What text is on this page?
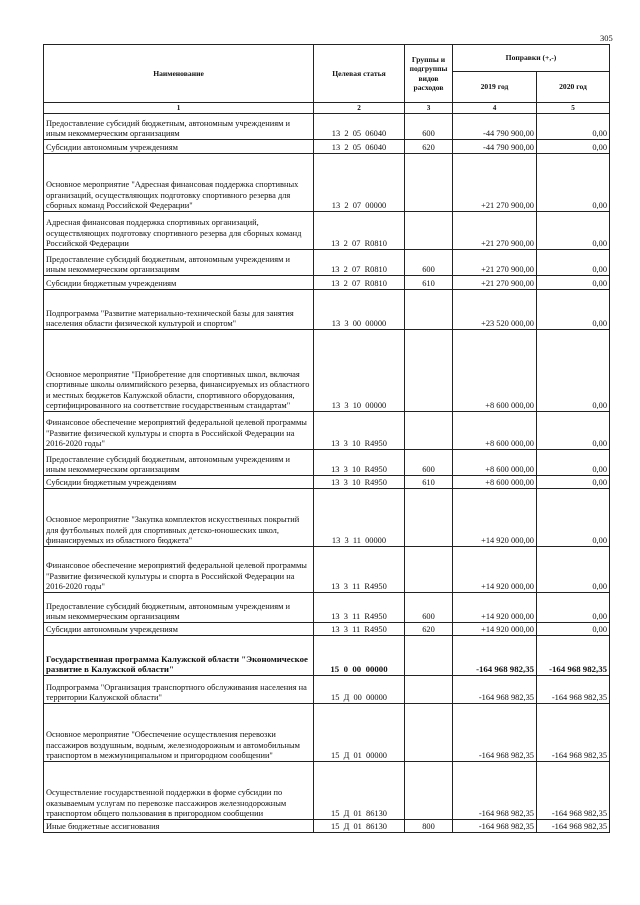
305
Наименование	Целевая статья	Группы и подгруппы видов расходов	Поправки (+,-)	
			2019 год	2020 год
1	2	3	4	5
Предоставление субсидий бюджетным, автономным учреждениям и иным некоммерческим организациям	13  2  05  06040	600	-44 790 900,00	0,00
Субсидии автономным учреждениям	13  2  05  06040	620	-44 790 900,00	0,00
Основное мероприятие "Адресная финансовая поддержка спортивных организаций, осуществляющих подготовку спортивного резерва для сборных команд Российской Федерации"	13  2  07  00000		+21 270 900,00	0,00
Адресная финансовая поддержка спортивных организаций, осуществляющих подготовку спортивного резерва для сборных команд Российской Федерации	13  2  07  R0810		+21 270 900,00	0,00
Предоставление субсидий бюджетным, автономным учреждениям и иным некоммерческим организациям	13  2  07  R0810	600	+21 270 900,00	0,00
Субсидии бюджетным учреждениям	13  2  07  R0810	610	+21 270 900,00	0,00
Подпрограмма "Развитие материально-технической базы для занятия населения области физической культурой и спортом"	13  3  00  00000		+23 520 000,00	0,00
Основное мероприятие "Приобретение для спортивных школ, включая спортивные школы олимпийского резерва, финансируемых из областного и местных бюджетов Калужской области, спортивного оборудования, сертифицированного на соответствие государственным стандартам"	13  3  10  00000		+8 600 000,00	0,00
Финансовое обеспечение мероприятий федеральной целевой программы "Развитие физической культуры и спорта в Российской Федерации на 2016-2020 годы"	13  3  10  R4950		+8 600 000,00	0,00
Предоставление субсидий бюджетным, автономным учреждениям и иным некоммерческим организациям	13  3  10  R4950	600	+8 600 000,00	0,00
Субсидии бюджетным учреждениям	13  3  10  R4950	610	+8 600 000,00	0,00
Основное мероприятие "Закупка комплектов искусственных покрытий для футбольных полей для спортивных детско-юношеских школ, финансируемых из областного бюджета"	13  3  11  00000		+14 920 000,00	0,00
Финансовое обеспечение мероприятий федеральной целевой программы "Развитие физической культуры и спорта в Российской Федерации на 2016-2020 годы"	13  3  11  R4950		+14 920 000,00	0,00
Предоставление субсидий бюджетным, автономным учреждениям и иным некоммерческим организациям	13  3  11  R4950	600	+14 920 000,00	0,00
Субсидии автономным учреждениям	13  3  11  R4950	620	+14 920 000,00	0,00
Государственная программа Калужской области "Экономическое развитие в Калужской области"	15  0  00  00000		-164 968 982,35	-164 968 982,35
Подпрограмма "Организация транспортного обслуживания населения на территории Калужской области"	15  Д  00  00000		-164 968 982,35	-164 968 982,35
Основное мероприятие "Обеспечение осуществления перевозки пассажиров воздушным, водным, железнодорожным и автомобильным транспортом в межмуниципальном и пригородном сообщении"	15  Д  01  00000		-164 968 982,35	-164 968 982,35
Осуществление государственной поддержки в форме субсидии по оказываемым услугам по перевозке пассажиров железнодорожным транспортом общего пользования в пригородном сообщении	15  Д  01  86130		-164 968 982,35	-164 968 982,35
Иные бюджетные ассигнования	15  Д  01  86130	800	-164 968 982,35	-164 968 982,35
